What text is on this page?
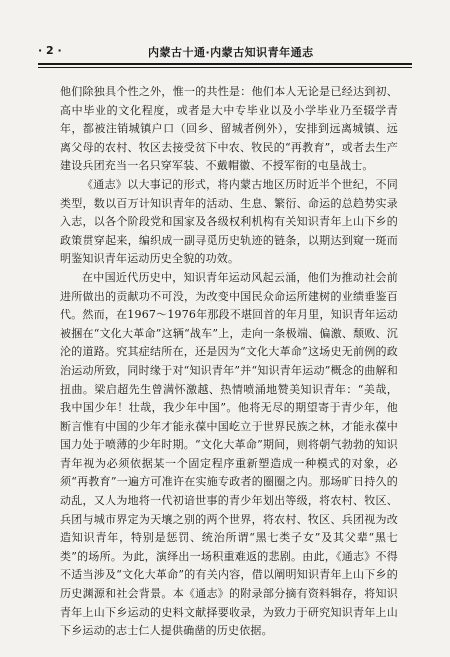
· 2 ·	内蒙古十通·内蒙古知识青年通志

他们除独具个性之外，惟一的共性是：他们本人无论是已经达到初、高中毕业的文化程度，或者是大中专毕业以及小学毕业乃至辍学青年，都被注销城镇户口（回乡、留城者例外），安排到远离城镇、远离父母的农村、牧区去接受贫下中农、牧民的“再教育”，或者去生产建设兵团充当一名只穿军装、不戴帽徽、不授军衔的屯垦战士。

《通志》以大事记的形式，将内蒙古地区历时近半个世纪，不同类型，数以百万计知识青年的活动、生息、繁衍、命运的总趋势实录入志，以各个阶段党和国家及各级权利机构有关知识青年上山下乡的政策贯穿起来，编织成一副寻觅历史轨迹的链条，以期达到窥一斑而明鉴知识青年运动历史全貌的功效。

在中国近代历史中，知识青年运动风起云涌，他们为推动社会前进所做出的贡献功不可没，为改变中国民众命运所建树的业绩垂鉴百代。然而，在1967～1976年那段不堪回首的年月里，知识青年运动被捆在“文化大革命”这辆“战车”上，走向一条极端、偏激、颓败、沉沦的道路。究其症结所在，还是因为“文化大革命”这场史无前例的政治运动所致，同时缘于对“知识青年”并“知识青年运动”概念的曲解和扭曲。梁启超先生曾满怀激越、热情喷涌地赞美知识青年：“美哉，我中国少年！壮哉，我少年中国”。他将无尽的期望寄于青少年，他断言惟有中国的少年才能永葆中国屹立于世界民族之林，才能永葆中国力处于喷薄的少年时期。“文化大革命”期间，则将朝气勃勃的知识青年视为必须依据某一个固定程序重新塑造成一种模式的对象，必须“再教育”一遍方可准许在实施专政者的圈圈之内。那场旷日持久的动乱，又人为地将一代初谙世事的青少年划出等级，将农村、牧区、兵团与城市界定为天壤之别的两个世界，将农村、牧区、兵团视为改造知识青年，特别是惩罚、统治所谓“黑七类子女”及其父辈“黑七类”的场所。为此，演绎出一场积重难返的悲剧。由此，《通志》不得不适当涉及“文化大革命”的有关内容，借以阐明知识青年上山下乡的历史渊源和社会背景。本《通志》的附录部分摘有资料辑存，将知识青年上山下乡运动的史料文献择要收录，为致力于研究知识青年上山下乡运动的志士仁人提供确凿的历史依据。
